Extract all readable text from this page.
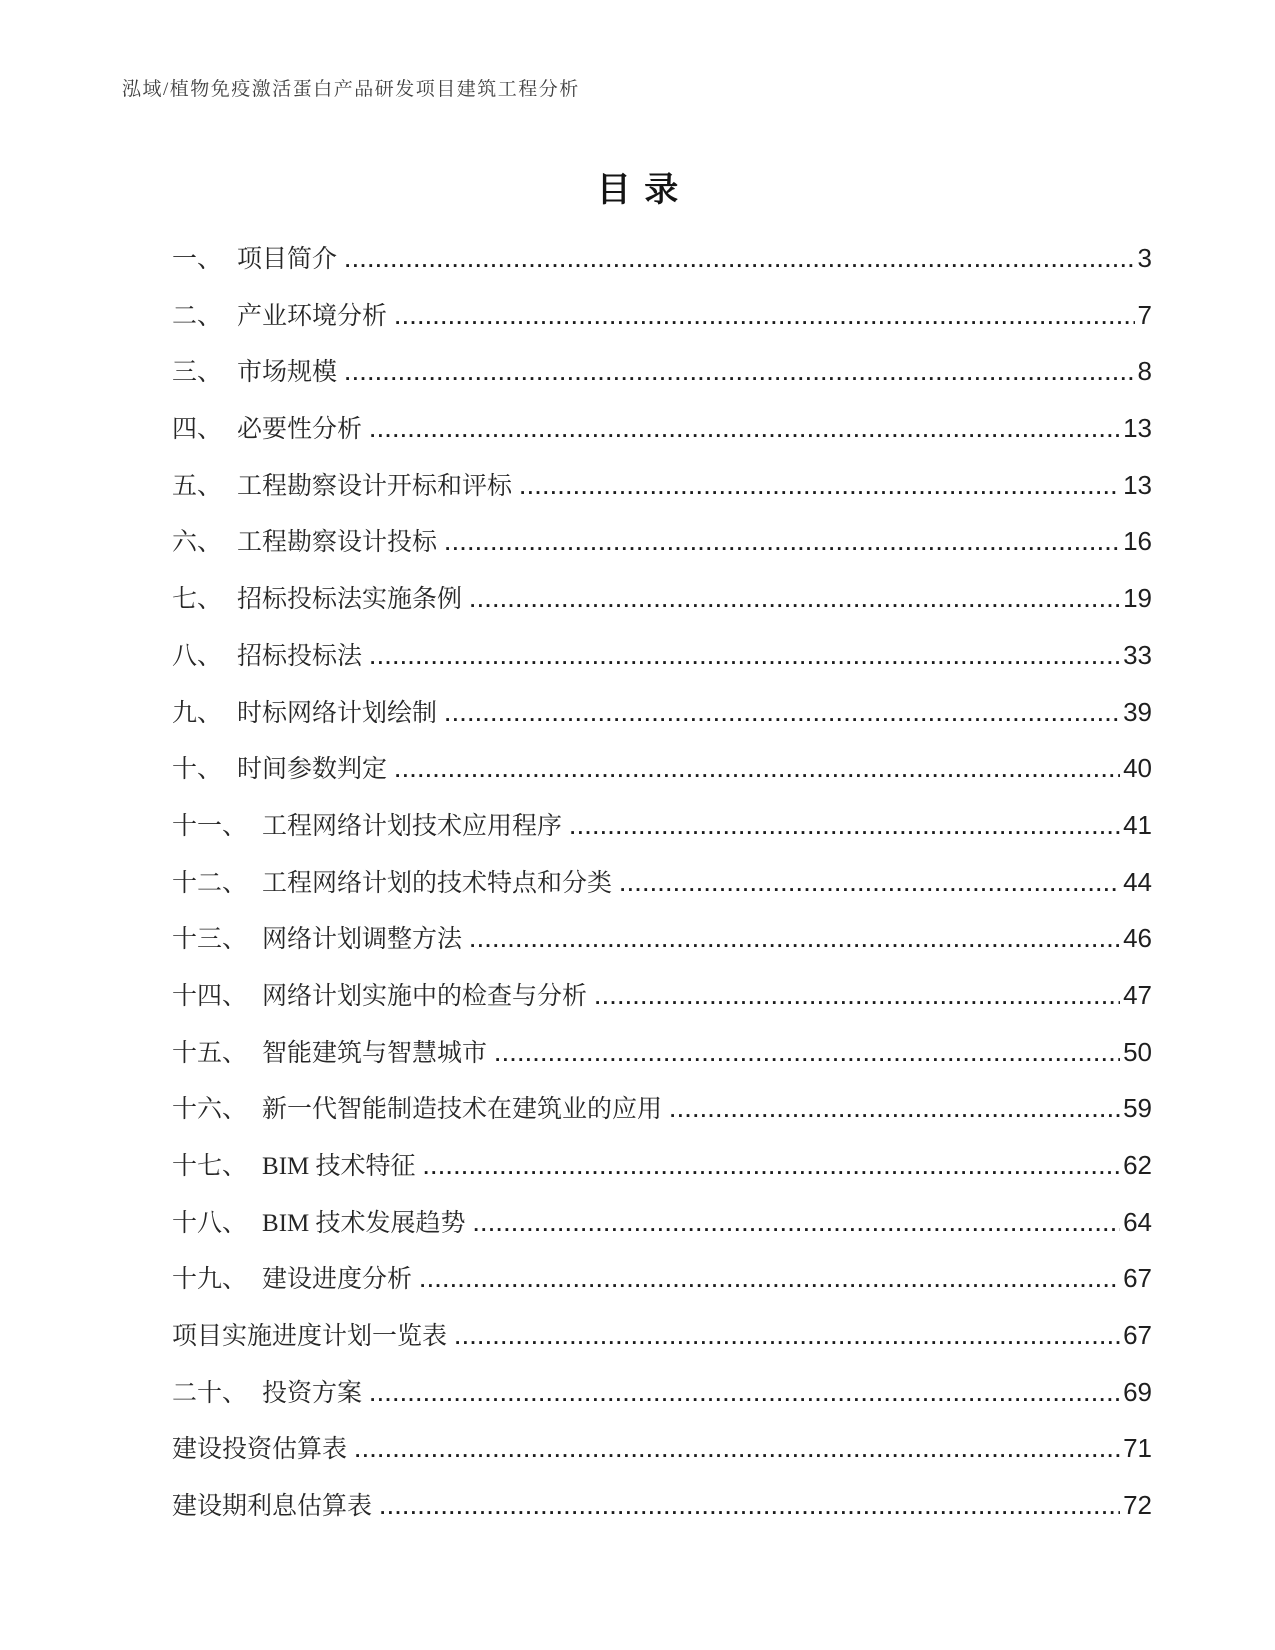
泓域/植物免疫激活蛋白产品研发项目建筑工程分析
目录
一、 项目简介 .....	3
二、 产业环境分析 .....	7
三、 市场规模 .....	8
四、 必要性分析 .....	13
五、 工程勘察设计开标和评标 .....	13
六、 工程勘察设计投标 .....	16
七、 招标投标法实施条例 .....	19
八、 招标投标法 .....	33
九、 时标网络计划绘制 .....	39
十、 时间参数判定 .....	40
十一、 工程网络计划技术应用程序 .....	41
十二、 工程网络计划的技术特点和分类 .....	44
十三、 网络计划调整方法 .....	46
十四、 网络计划实施中的检查与分析 .....	47
十五、 智能建筑与智慧城市 .....	50
十六、 新一代智能制造技术在建筑业的应用 .....	59
十七、 BIM 技术特征 .....	62
十八、 BIM 技术发展趋势 .....	64
十九、 建设进度分析 .....	67
项目实施进度计划一览表 .....	67
二十、 投资方案 .....	69
建设投资估算表 .....	71
建设期利息估算表 .....	72
